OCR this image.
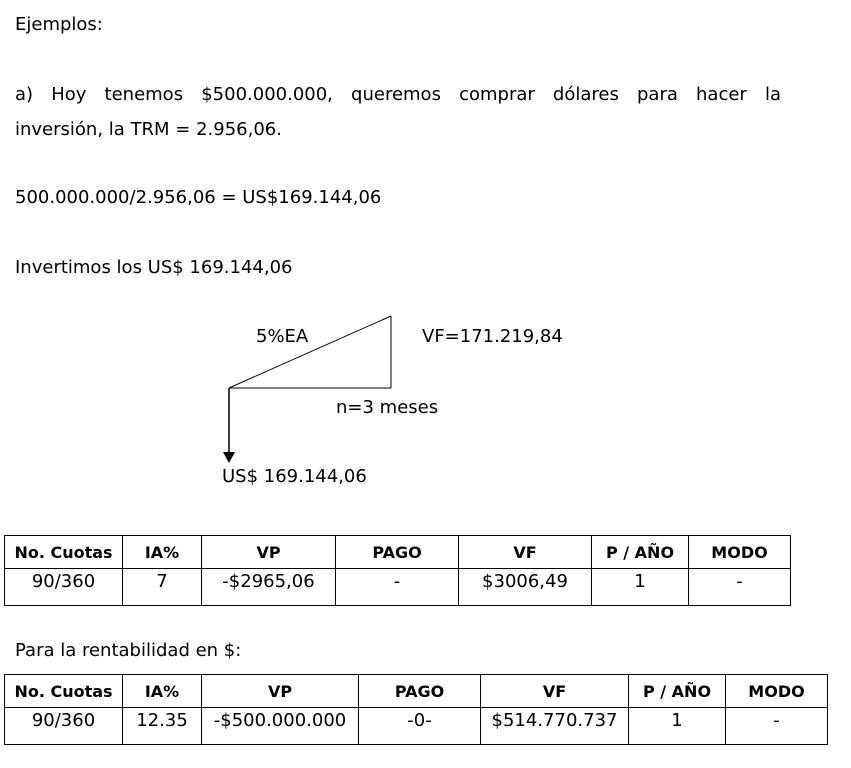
Ejemplos:
a) Hoy tenemos $500.000.000, queremos comprar dólares para hacer la
inversión, la TRM = 2.956,06.
500.000.000/2.956,06 = US$169.144,06
Invertimos los US$ 169.144,06
5%EA	VF=171.219,84
n=3 meses
US$ 169.144,06
No. Cuotas	IA%	VP	PAGO	VF	P / AÑO	MODO
90/360	7	-$2965,06	-	$3006,49	1	-
Para la rentabilidad en $:
No. Cuotas	IA%	VP	PAGO	VF	P / AÑO	MODO
90/360	12.35	-$500.000.000	-0-	$514.770.737	1	-
